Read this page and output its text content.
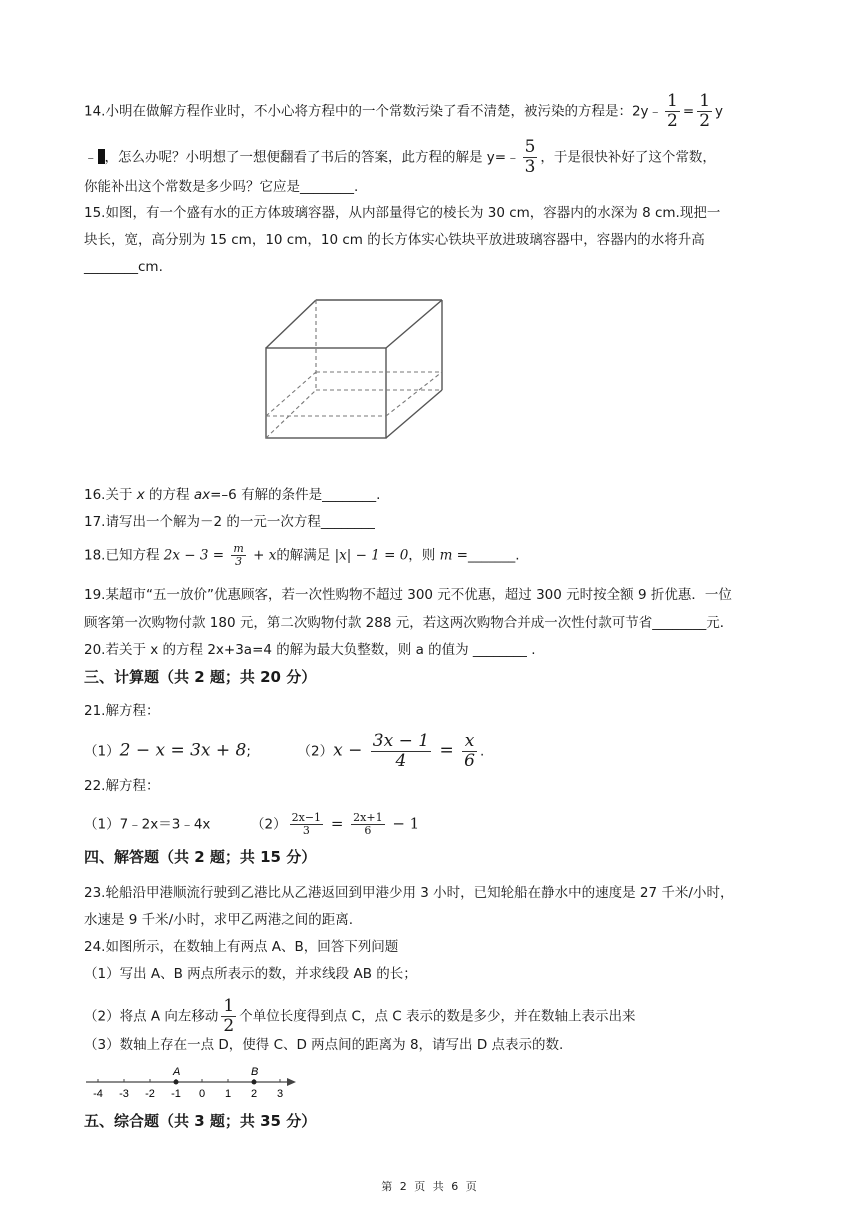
14.小明在做解方程作业时，不小心将方程中的一个常数污染了看不清楚，被污染的方程是：2y﹣ $\frac{1}{2} = \frac{1}{2}$ y
﹣ ，怎么办呢？小明想了一想便翻看了书后的答案，此方程的解是 y=﹣ $\frac{5}{3}$ ，于是很快补好了这个常数，
你能补出这个常数是多少吗？它应是________.
15.如图，有一个盛有水的正方体玻璃容器，从内部量得它的棱长为 30 cm，容器内的水深为 8 cm.现把一
块长，宽，高分别为 15 cm，10 cm，10 cm 的长方体实心铁块平放进玻璃容器中，容器内的水将升高
________cm.
16.关于 x 的方程 ax=–6 有解的条件是________.
17.请写出一个解为－2 的一元一次方程________
18.已知方程 $2x - 3 = \frac{m}{3} + x$的解满足 |x| − 1 = 0，则 m =_______.
19.某超市“五一放价”优惠顾客，若一次性购物不超过 300 元不优惠，超过 300 元时按全额 9 折优惠．一位
顾客第一次购物付款 180 元，第二次购物付款 288 元，若这两次购物合并成一次性付款可节省________元．
20.若关于 x 的方程 2x+3a=4 的解为最大负整数，则 a 的值为 ________ .
三、计算题（共 2 题；共 20 分）
21.解方程：
（1）2 − x = 3x + 8;	$(2)x - \frac{3x - 1}{4} = \frac{x}{6}$ .
22.解方程：
（1）7﹣2x＝3﹣4x	$(2) \frac{2x-1}{3} = \frac{2x+1}{6} - 1$
四、解答题（共 2 题；共 15 分）
23.轮船沿甲港顺流行驶到乙港比从乙港返回到甲港少用 3 小时，已知轮船在静水中的速度是 27 千米/小时，
水速是 9 千米/小时，求甲乙两港之间的距离.
24.如图所示，在数轴上有两点 A、B，回答下列问题
（1）写出 A、B 两点所表示的数，并求线段 AB 的长；
（2）将点 A 向左移动 $\frac{1}{2}$ 个单位长度得到点 C，点 C 表示的数是多少，并在数轴上表示出来
（3）数轴上存在一点 D，使得 C、D 两点间的距离为 8，请写出 D 点表示的数.
-4 -3 -2 -1 0 1 2 3
A	B
五、综合题（共 3 题；共 35 分）
第 2 页 共 6 页
